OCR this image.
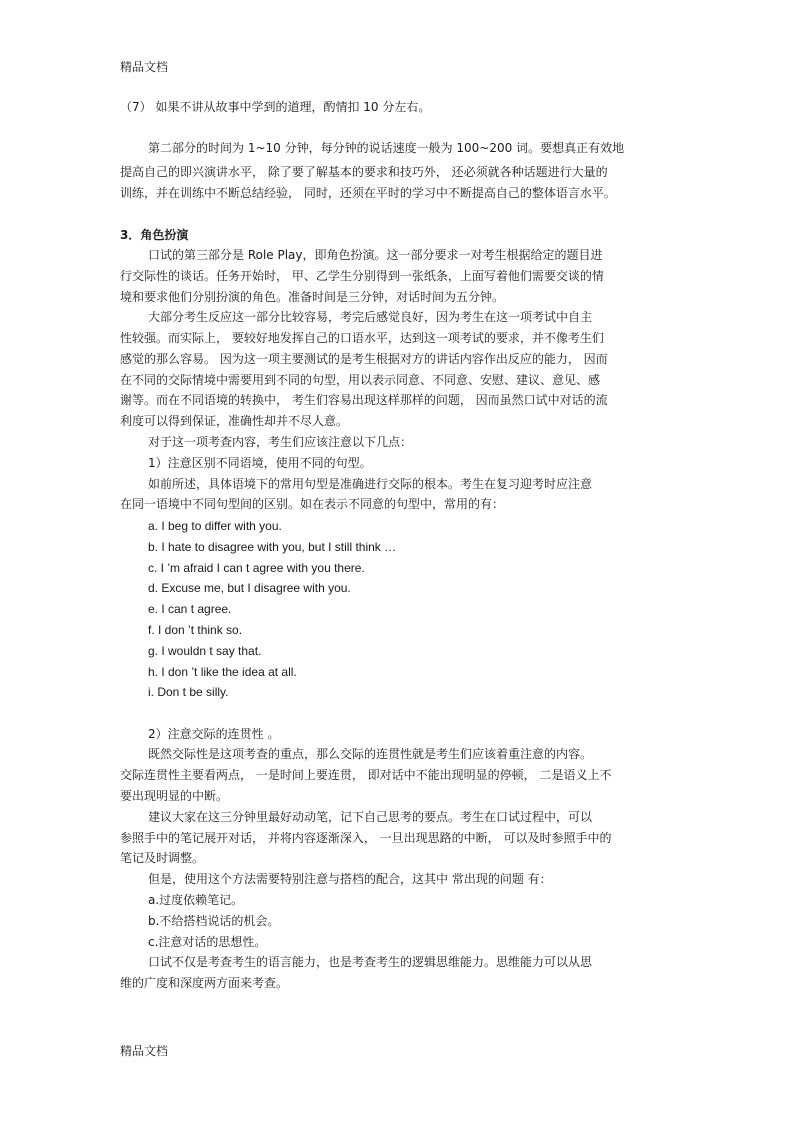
精品文档
（7） 如果不讲从故事中学到的道理，酌情扣 10 分左右。
第二部分的时间为 1~10 分钟，每分钟的说话速度一般为 100~200 词。要想真正有效地
提高自己的即兴演讲水平， 除了要了解基本的要求和技巧外， 还必须就各种话题进行大量的
训练，并在训练中不断总结经验， 同时，还须在平时的学习中不断提高自己的整体语言水平。
3．角色扮演
口试的第三部分是 Role Play，即角色扮演。这一部分要求一对考生根据给定的题目进
行交际性的谈话。任务开始时， 甲、乙学生分别得到一张纸条，上面写着他们需要交谈的情
境和要求他们分别扮演的角色。准备时间是三分钟，对话时间为五分钟。
大部分考生反应这一部分比较容易，考完后感觉良好，因为考生在这一项考试中自主
性较强。而实际上， 要较好地发挥自己的口语水平，达到这一项考试的要求，并不像考生们
感觉的那么容易。 因为这一项主要测试的是考生根据对方的讲话内容作出反应的能力， 因而
在不同的交际情境中需要用到不同的句型，用以表示同意、不同意、安慰、建议、意见、感
谢等。而在不同语境的转换中， 考生们容易出现这样那样的问题， 因而虽然口试中对话的流
利度可以得到保证，准确性却并不尽人意。
对于这一项考查内容，考生们应该注意以下几点：
1）注意区别不同语境，使用不同的句型。
如前所述，具体语境下的常用句型是准确进行交际的根本。考生在复习迎考时应注意
在同一语境中不同句型间的区别。如在表示不同意的句型中，常用的有：
a. I beg to differ with you.
b. I hate to disagree with you, but I still think …
c. I ’m afraid I can t agree with you there.
d. Excuse me, but I disagree with you.
e. I can t agree.
f. I don ’t think so.
g. I wouldn t say that.
h. I don ’t like the idea at all.
i. Don t be silly.
2）注意交际的连贯性 。
既然交际性是这项考查的重点，那么交际的连贯性就是考生们应该着重注意的内容。
交际连贯性主要看两点， 一是时间上要连贯， 即对话中不能出现明显的停顿， 二是语义上不
要出现明显的中断。
建议大家在这三分钟里最好动动笔，记下自己思考的要点。考生在口试过程中，可以
参照手中的笔记展开对话， 并将内容逐渐深入， 一旦出现思路的中断， 可以及时参照手中的
笔记及时调整。
但是，使用这个方法需要特别注意与搭档的配合，这其中 常出现的问题 有：
a.过度依赖笔记。
b.不给搭档说话的机会。
c.注意对话的思想性。
口试不仅是考查考生的语言能力，也是考查考生的逻辑思维能力。思维能力可以从思
维的广度和深度两方面来考查。
精品文档
